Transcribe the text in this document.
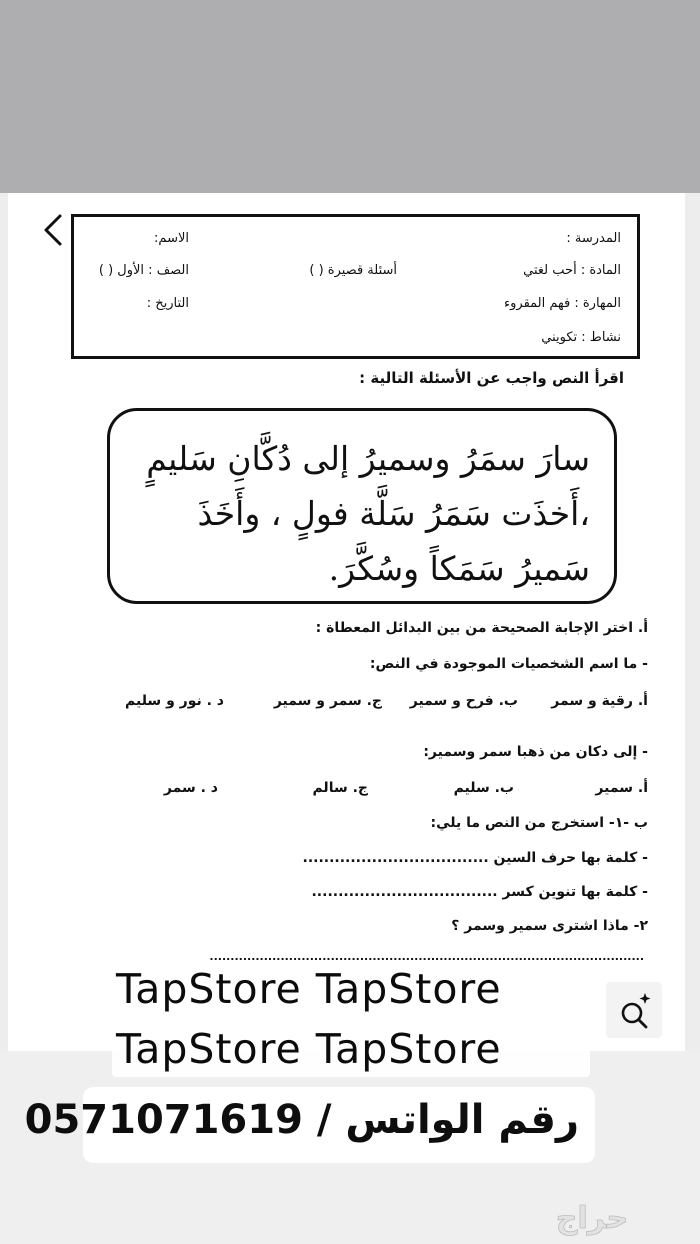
المدرسة :
المادة : أحب لغتي
المهارة : فهم المقروء
نشاط : تكويني
الاسم:
أسئلة قصيرة ( )
الصف : الأول ( )
التاريخ :
اقرأ النص واجب عن الأسئلة التالية :
سارَ سمَرُ وسميرُ إلى دُكَّانِ سَليمٍ
،أَخذَت سَمَرُ سَلَّة فولٍ ، وأَخَذَ
سَميرُ سَمَكاً وسُكَّرَ.
أ. اختر الإجابة الصحيحة من بين البدائل المعطاة :
- ما اسم الشخصيات الموجودة في النص:
أ. رقية و سمر
ب. فرح و سمير
ج. سمر و سمير
د . نور و سليم
- إلى دكان من ذهبا سمر وسمير:
أ. سمير
ب. سليم
ج. سالم
د . سمر
ب -١- استخرج من النص ما يلي:
- كلمة بها حرف السين ...................................
- كلمة بها تنوين كسر ...................................
٢- ماذا اشترى سمير وسمر ؟
........................................................................................................
TapStore TapStore
TapStore TapStore
رقم الواتس / 0571071619
حراج
